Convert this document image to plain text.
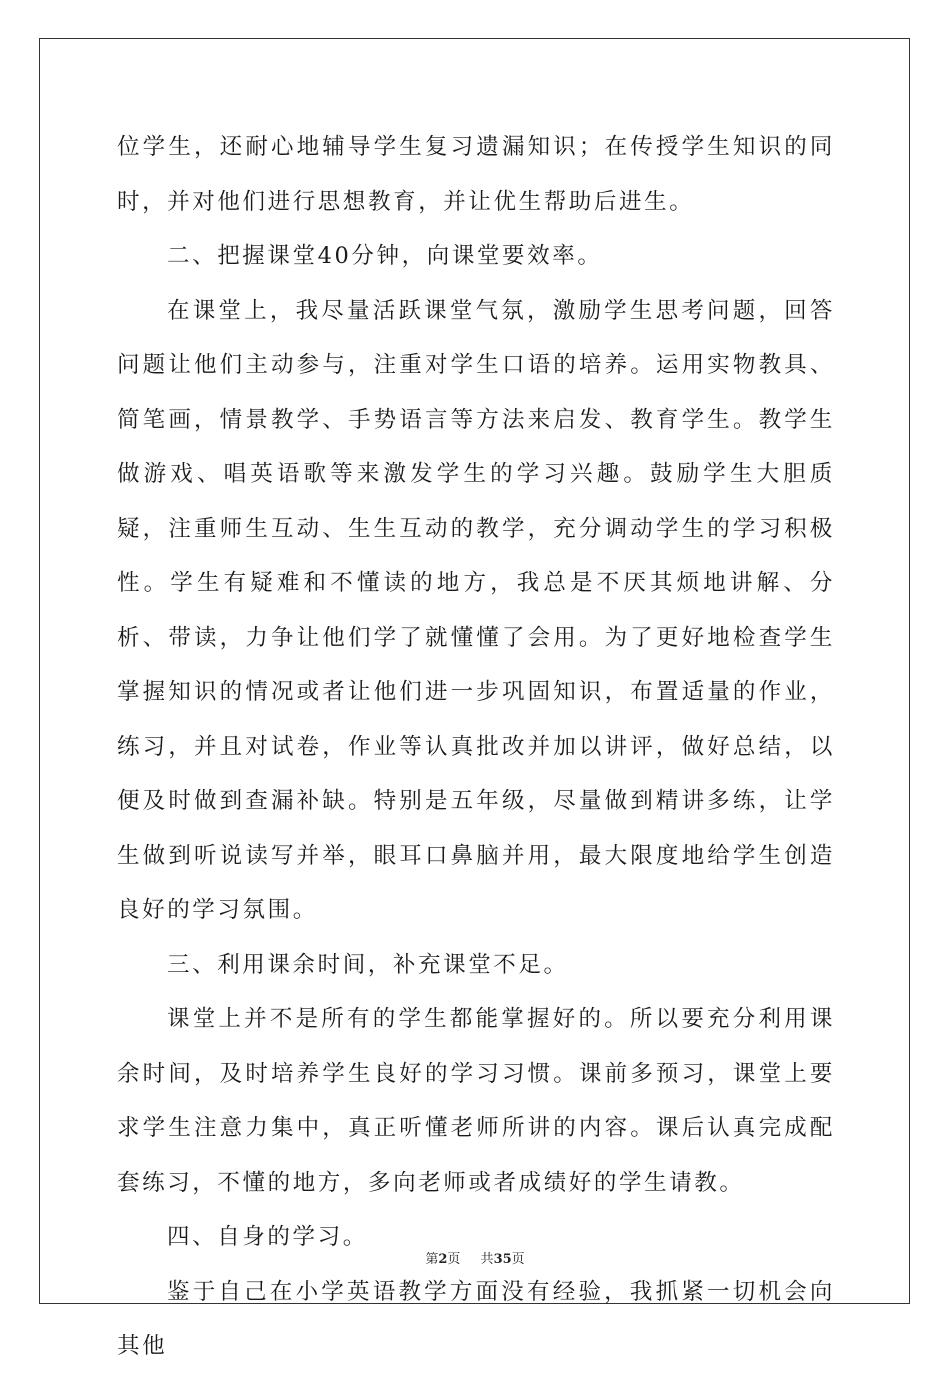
位学生，还耐心地辅导学生复习遗漏知识；在传授学生知识的同时，并对他们进行思想教育，并让优生帮助后进生。

二、把握课堂40分钟，向课堂要效率。

在课堂上，我尽量活跃课堂气氛，激励学生思考问题，回答问题让他们主动参与，注重对学生口语的培养。运用实物教具、简笔画，情景教学、手势语言等方法来启发、教育学生。教学生做游戏、唱英语歌等来激发学生的学习兴趣。鼓励学生大胆质疑，注重师生互动、生生互动的教学，充分调动学生的学习积极性。学生有疑难和不懂读的地方，我总是不厌其烦地讲解、分析、带读，力争让他们学了就懂懂了会用。为了更好地检查学生掌握知识的情况或者让他们进一步巩固知识，布置适量的作业，练习，并且对试卷，作业等认真批改并加以讲评，做好总结，以便及时做到查漏补缺。特别是五年级，尽量做到精讲多练，让学生做到听说读写并举，眼耳口鼻脑并用，最大限度地给学生创造良好的学习氛围。

三、利用课余时间，补充课堂不足。

课堂上并不是所有的学生都能掌握好的。所以要充分利用课余时间，及时培养学生良好的学习习惯。课前多预习，课堂上要求学生注意力集中，真正听懂老师所讲的内容。课后认真完成配套练习，不懂的地方，多向老师或者成绩好的学生请教。

四、自身的学习。

鉴于自己在小学英语教学方面没有经验，我抓紧一切机会向其他

第2页 共35页
